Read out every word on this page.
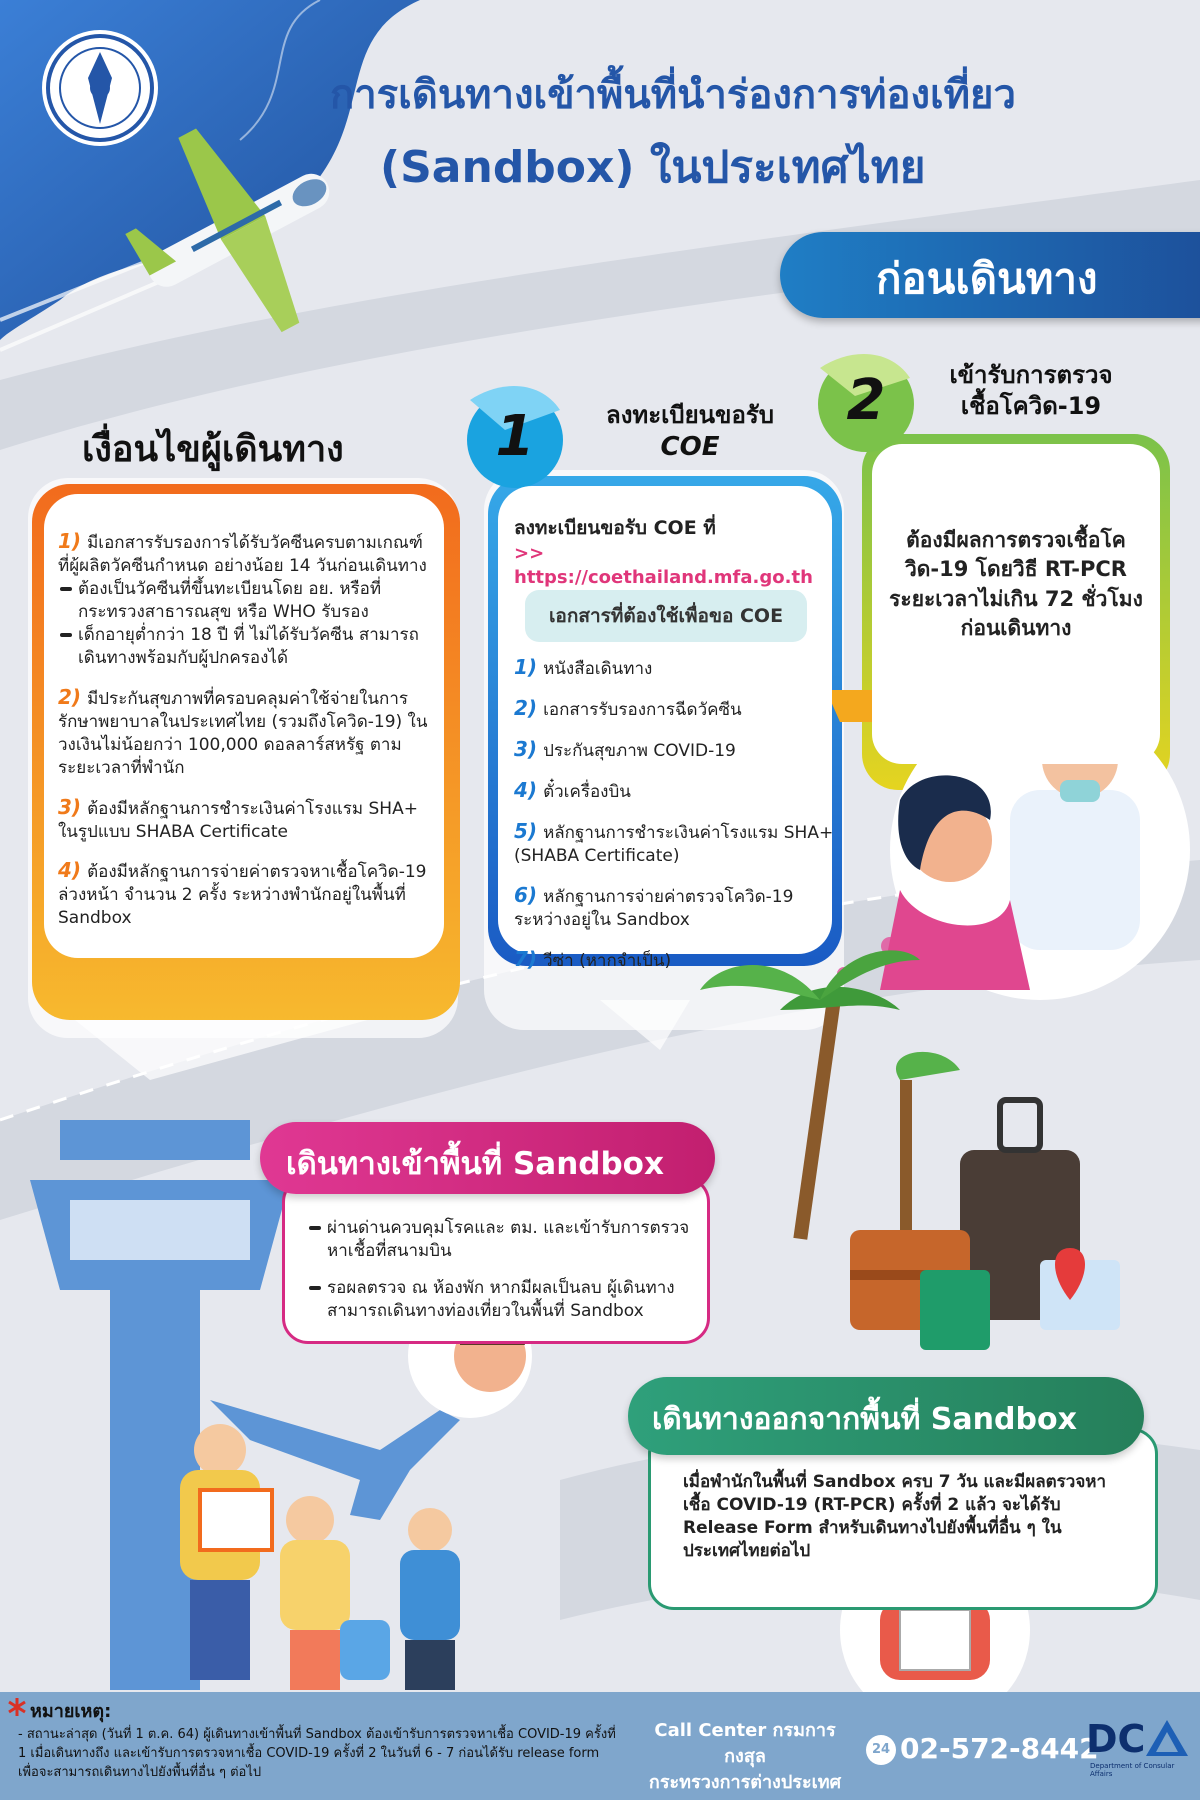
การเดินทางเข้าพื้นที่นำร่องการท่องเที่ยว
(Sandbox) ในประเทศไทย
ก่อนเดินทาง
เงื่อนไขผู้เดินทาง
1) มีเอกสารรับรองการได้รับวัคซีนครบตามเกณฑ์ที่ผู้ผลิตวัคซีนกำหนด อย่างน้อย 14 วันก่อนเดินทาง
ต้องเป็นวัคซีนที่ขึ้นทะเบียนโดย อย. หรือที่กระทรวงสาธารณสุข หรือ WHO รับรอง
เด็กอายุต่ำกว่า 18 ปี ที่ ไม่ได้รับวัคซีน สามารถเดินทางพร้อมกับผู้ปกครองได้
2) มีประกันสุขภาพที่ครอบคลุมค่าใช้จ่ายในการรักษาพยาบาลในประเทศไทย (รวมถึงโควิด-19) ในวงเงินไม่น้อยกว่า 100,000 ดอลลาร์สหรัฐ ตามระยะเวลาที่พำนัก
3) ต้องมีหลักฐานการชำระเงินค่าโรงแรม SHA+ ในรูปแบบ SHABA Certificate
4) ต้องมีหลักฐานการจ่ายค่าตรวจหาเชื้อโควิด-19 ล่วงหน้า จำนวน 2 ครั้ง ระหว่างพำนักอยู่ในพื้นที่ Sandbox
1	ลงทะเบียนขอรับ
COE
ลงทะเบียนขอรับ COE ที่
>> https://coethailand.mfa.go.th
เอกสารที่ต้องใช้เพื่อขอ COE
1) หนังสือเดินทาง
2) เอกสารรับรองการฉีดวัคซีน
3) ประกันสุขภาพ COVID-19
4) ตั๋วเครื่องบิน
5) หลักฐานการชำระเงินค่าโรงแรม SHA+ (SHABA Certificate)
6) หลักฐานการจ่ายค่าตรวจโควิด-19 ระหว่างอยู่ใน Sandbox
7) วีซ่า (หากจำเป็น)
2	เข้ารับการตรวจ
เชื้อโควิด-19
ต้องมีผลการตรวจเชื้อโควิด-19 โดยวิธี RT-PCR ระยะเวลาไม่เกิน 72 ชั่วโมงก่อนเดินทาง
ผ่านด่านควบคุมโรคและ ตม. และเข้ารับการตรวจหาเชื้อที่สนามบิน
รอผลตรวจ ณ ห้องพัก หากมีผลเป็นลบ ผู้เดินทางสามารถเดินทางท่องเที่ยวในพื้นที่ Sandbox
เดินทางเข้าพื้นที่ Sandbox
เมื่อพำนักในพื้นที่ Sandbox ครบ 7 วัน และมีผลตรวจหาเชื้อ COVID-19 (RT-PCR) ครั้งที่ 2 แล้ว จะได้รับ Release Form สำหรับเดินทางไปยังพื้นที่อื่น ๆ ในประเทศไทยต่อไป
เดินทางออกจากพื้นที่ Sandbox
หมายเหตุ:
- สถานะล่าสุด (วันที่ 1 ต.ค. 64) ผู้เดินทางเข้าพื้นที่ Sandbox ต้องเข้ารับการตรวจหาเชื้อ COVID-19 ครั้งที่ 1 เมื่อเดินทางถึง และเข้ารับการตรวจหาเชื้อ COVID-19 ครั้งที่ 2 ในวันที่ 6 - 7 ก่อนได้รับ release form เพื่อจะสามารถเดินทางไปยังพื้นที่อื่น ๆ ต่อไป
Call Center กรมการกงสุล
กระทรวงการต่างประเทศ
24 02-572-8442
DC
Department of Consular Affairs
